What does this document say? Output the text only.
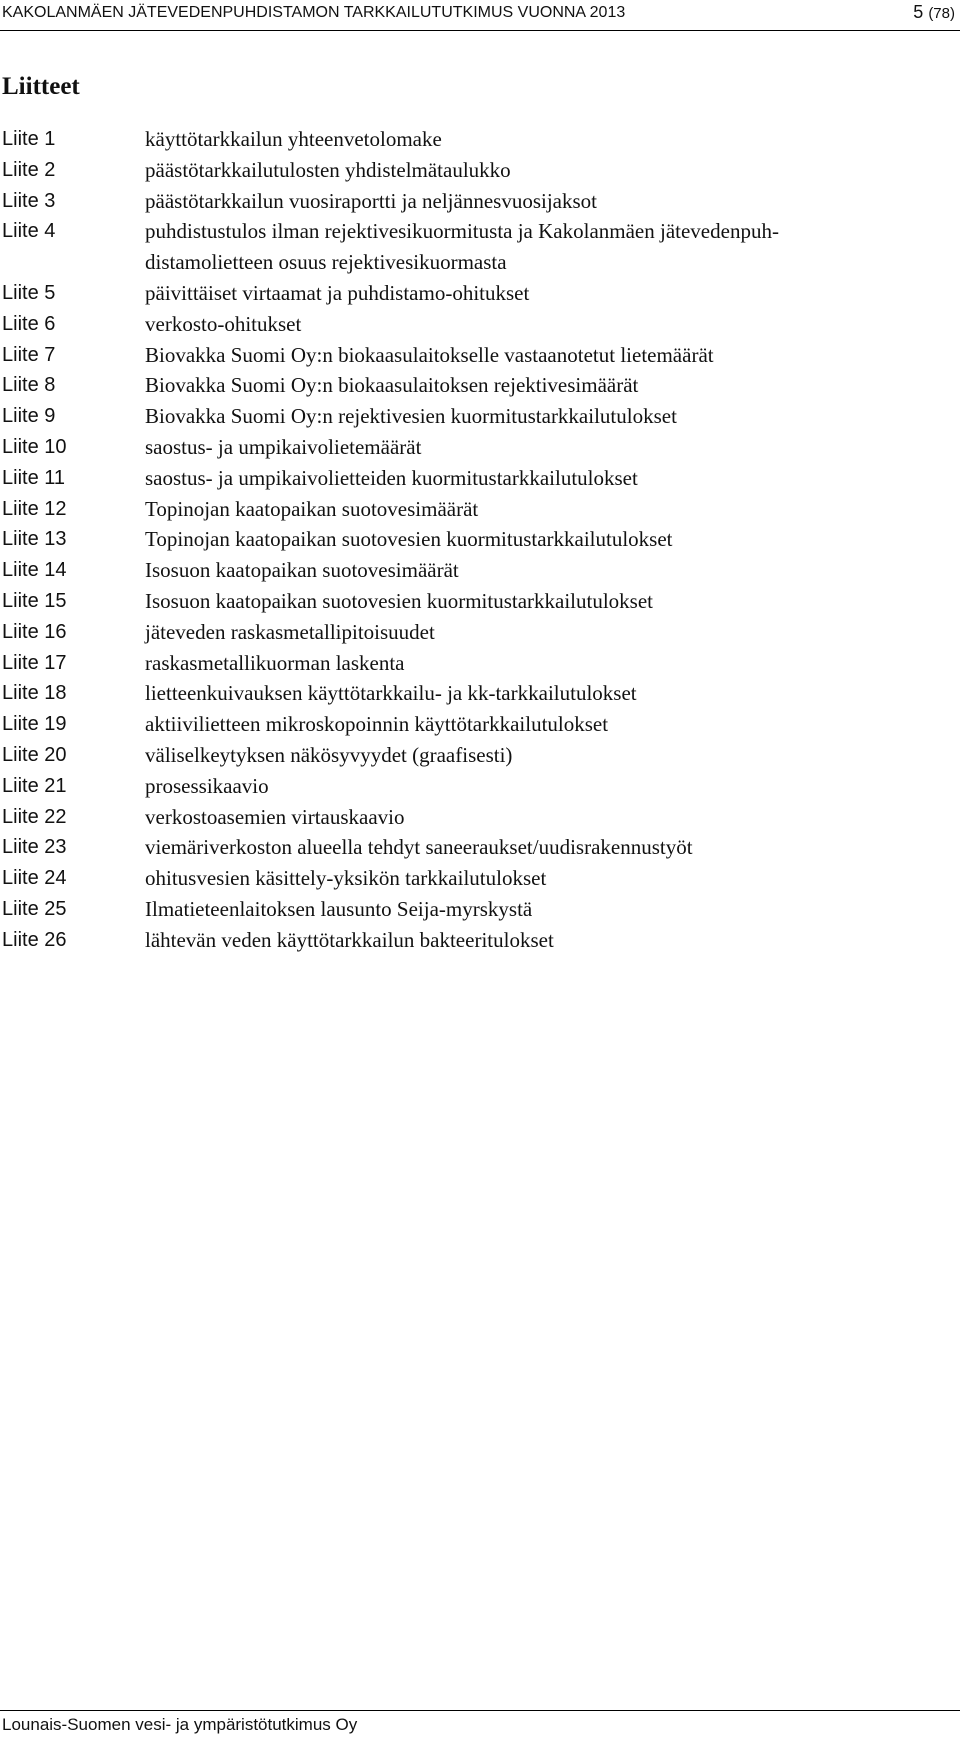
KAKOLANMÄEN JÄTEVEDENPUHDISTAMON TARKKAILUTUTKIMUS VUONNA 2013	5 (78)
Liitteet
Liite 1	käyttötarkkailun yhteenvetolomake
Liite 2	päästötarkkailutulosten yhdistelmätaulukko
Liite 3	päästötarkkailun vuosiraportti ja neljännesvuosijaksot
Liite 4	puhdistustulos ilman rejektivesikuormitusta ja Kakolanmäen jätevedenpuh-
distamolietteen osuus rejektivesikuormasta
Liite 5	päivittäiset virtaamat ja puhdistamo-ohitukset
Liite 6	verkosto-ohitukset
Liite 7	Biovakka Suomi Oy:n biokaasulaitokselle vastaanotetut lietemäärät
Liite 8	Biovakka Suomi Oy:n biokaasulaitoksen rejektivesimäärät
Liite 9	Biovakka Suomi Oy:n rejektivesien kuormitustarkkailutulokset
Liite 10	saostus- ja umpikaivolietemäärät
Liite 11	saostus- ja umpikaivolietteiden kuormitustarkkailutulokset
Liite 12	Topinojan kaatopaikan suotovesimäärät
Liite 13	Topinojan kaatopaikan suotovesien kuormitustarkkailutulokset
Liite 14	Isosuon kaatopaikan suotovesimäärät
Liite 15	Isosuon kaatopaikan suotovesien kuormitustarkkailutulokset
Liite 16	jäteveden raskasmetallipitoisuudet
Liite 17	raskasmetallikuorman laskenta
Liite 18	lietteenkuivauksen käyttötarkkailu- ja kk-tarkkailutulokset
Liite 19	aktiivilietteen mikroskopoinnin käyttötarkkailutulokset
Liite 20	väliselkeytyksen näkösyvyydet (graafisesti)
Liite 21	prosessikaavio
Liite 22	verkostoasemien virtauskaavio
Liite 23	viemäriverkoston alueella tehdyt saneeraukset/uudisrakennustyöt
Liite 24	ohitusvesien käsittely-yksikön tarkkailutulokset
Liite 25	Ilmatieteenlaitoksen lausunto Seija-myrskystä
Liite 26	lähtevän veden käyttötarkkailun bakteeritulokset
Lounais-Suomen vesi- ja ympäristötutkimus Oy
